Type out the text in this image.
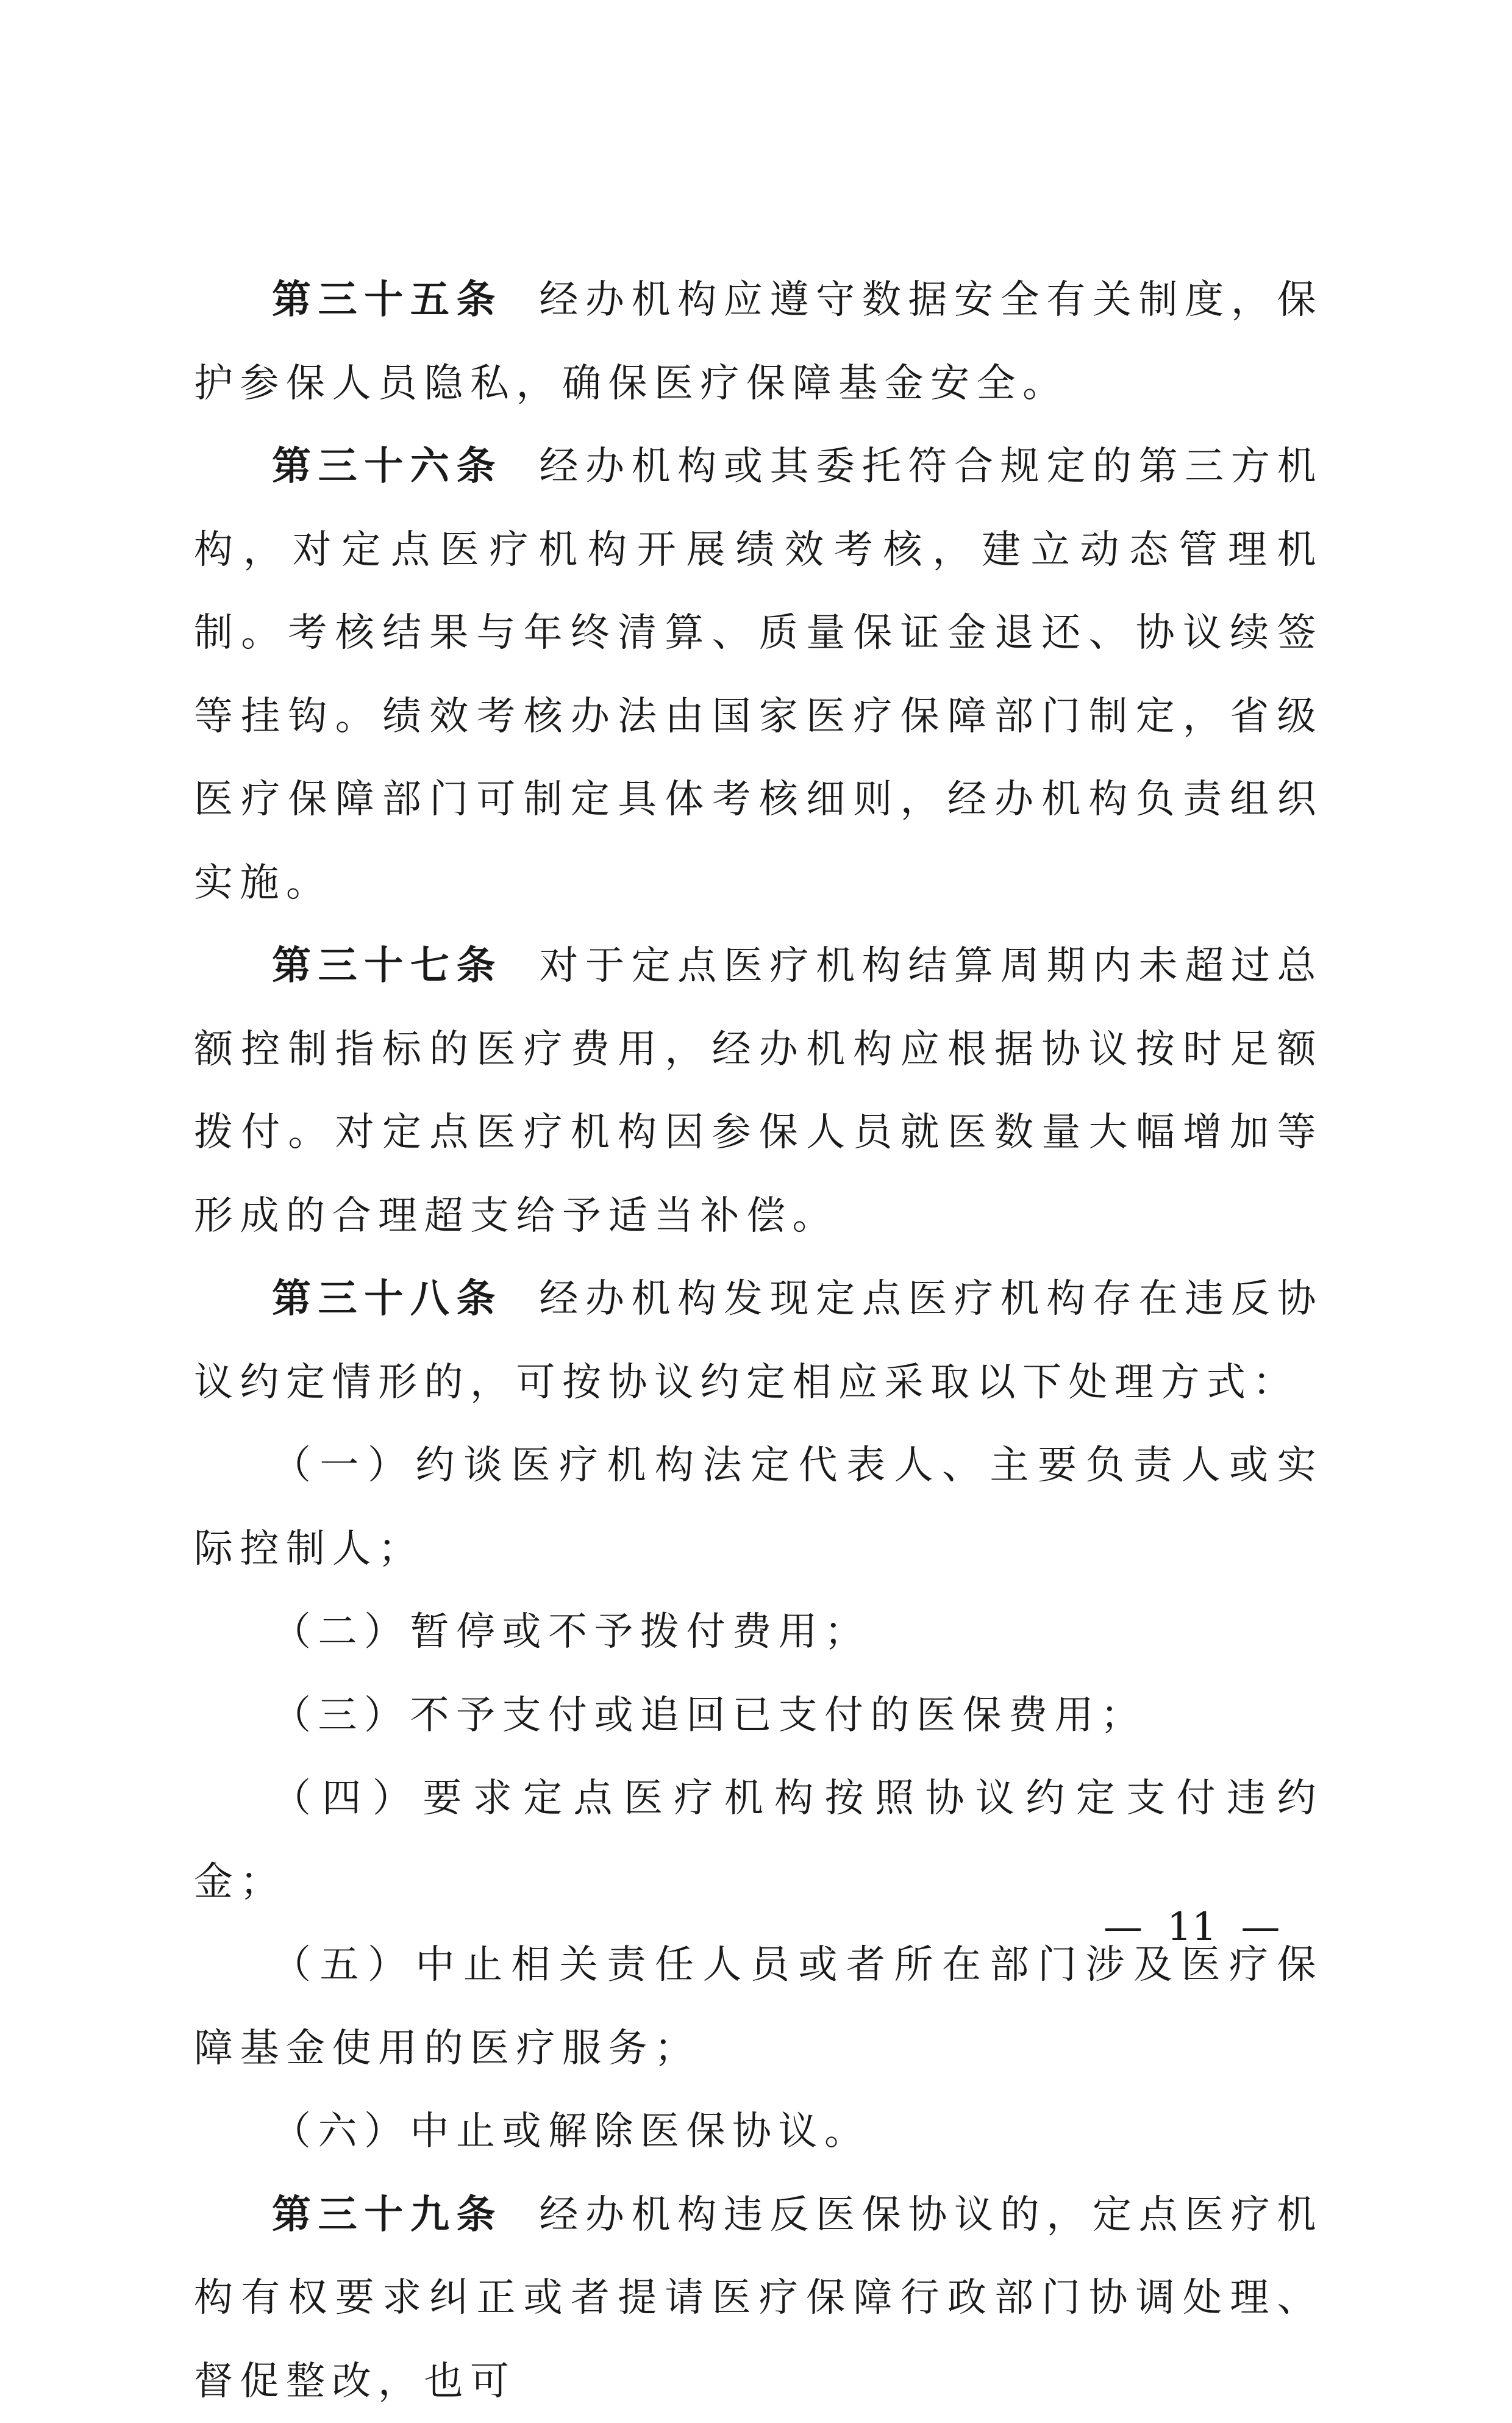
第三十五条 经办机构应遵守数据安全有关制度，保护参保人员隐私，确保医疗保障基金安全。

第三十六条 经办机构或其委托符合规定的第三方机构，对定点医疗机构开展绩效考核，建立动态管理机制。考核结果与年终清算、质量保证金退还、协议续签等挂钩。绩效考核办法由国家医疗保障部门制定，省级医疗保障部门可制定具体考核细则，经办机构负责组织实施。

第三十七条 对于定点医疗机构结算周期内未超过总额控制指标的医疗费用，经办机构应根据协议按时足额拨付。对定点医疗机构因参保人员就医数量大幅增加等形成的合理超支给予适当补偿。

第三十八条 经办机构发现定点医疗机构存在违反协议约定情形的，可按协议约定相应采取以下处理方式：

（一）约谈医疗机构法定代表人、主要负责人或实际控制人；

（二）暂停或不予拨付费用；

（三）不予支付或追回已支付的医保费用；

（四）要求定点医疗机构按照协议约定支付违约金；

（五）中止相关责任人员或者所在部门涉及医疗保障基金使用的医疗服务；

（六）中止或解除医保协议。

第三十九条 经办机构违反医保协议的，定点医疗机构有权要求纠正或者提请医疗保障行政部门协调处理、督促整改，也可

— 11 —
